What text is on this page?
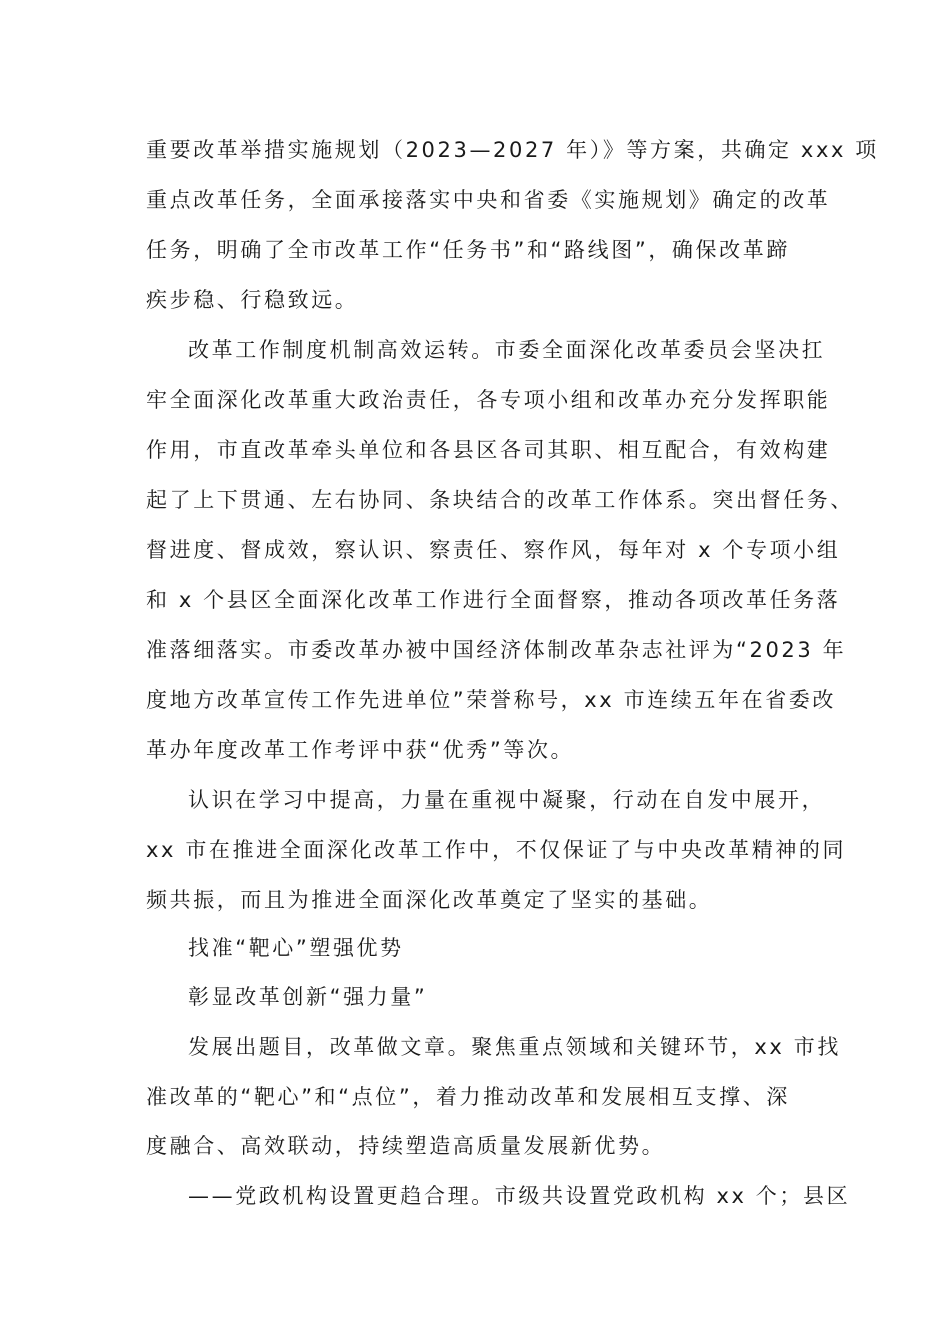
重要改革举措实施规划（2023—2027 年）》等方案，共确定 xxx 项
重点改革任务，全面承接落实中央和省委《实施规划》确定的改革
任务，明确了全市改革工作“任务书”和“路线图”，确保改革蹄
疾步稳、行稳致远。
改革工作制度机制高效运转。市委全面深化改革委员会坚决扛
牢全面深化改革重大政治责任，各专项小组和改革办充分发挥职能
作用，市直改革牵头单位和各县区各司其职、相互配合，有效构建
起了上下贯通、左右协同、条块结合的改革工作体系。突出督任务、
督进度、督成效，察认识、察责任、察作风，每年对 x 个专项小组
和 x 个县区全面深化改革工作进行全面督察，推动各项改革任务落
准落细落实。市委改革办被中国经济体制改革杂志社评为“2023 年
度地方改革宣传工作先进单位”荣誉称号，xx 市连续五年在省委改
革办年度改革工作考评中获“优秀”等次。
认识在学习中提高，力量在重视中凝聚，行动在自发中展开，
xx 市在推进全面深化改革工作中，不仅保证了与中央改革精神的同
频共振，而且为推进全面深化改革奠定了坚实的基础。
找准“靶心”塑强优势
彰显改革创新“强力量”
发展出题目，改革做文章。聚焦重点领域和关键环节，xx 市找
准改革的“靶心”和“点位”，着力推动改革和发展相互支撑、深
度融合、高效联动，持续塑造高质量发展新优势。
——党政机构设置更趋合理。市级共设置党政机构 xx 个；县区
